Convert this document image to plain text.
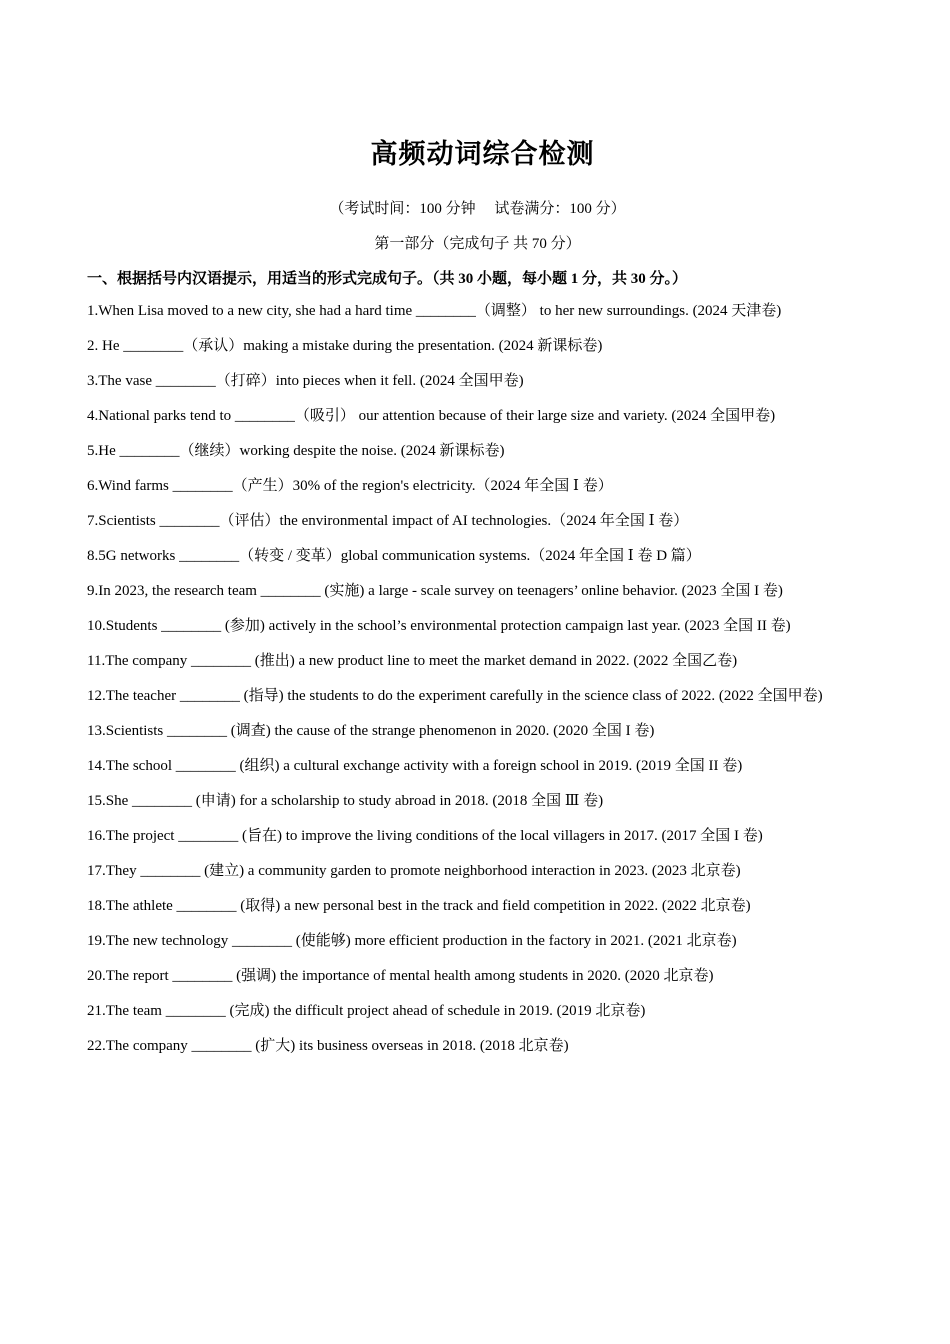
高频动词综合检测
（考试时间：100 分钟　 试卷满分：100 分）
第一部分（完成句子 共 70 分）
一、根据括号内汉语提示，用适当的形式完成句子。（共 30 小题，每小题 1 分，共 30 分。）

1.When Lisa moved to a new city, she had a hard time ________（调整） to her new surroundings. (2024 天津卷)

2. He ________（承认）making a mistake during the presentation. (2024 新课标卷)

3.The vase ________（打碎）into pieces when it fell. (2024 全国甲卷)

4.National parks tend to ________（吸引） our attention because of their large size and variety. (2024 全国甲卷)

5.He ________（继续）working despite the noise. (2024 新课标卷)

6.Wind farms ________（产生）30% of the region's electricity.（2024 年全国 Ⅰ 卷）

7.Scientists ________（评估）the environmental impact of AI technologies.（2024 年全国 Ⅰ 卷）

8.5G networks ________（转变 / 变革）global communication systems.（2024 年全国 Ⅰ 卷 D 篇）

9.In 2023, the research team ________ (实施) a large - scale survey on teenagers’ online behavior. (2023 全国 I 卷)

10.Students ________ (参加) actively in the school’s environmental protection campaign last year. (2023 全国 II 卷)

11.The company ________ (推出) a new product line to meet the market demand in 2022. (2022 全国乙卷)

12.The teacher ________ (指导) the students to do the experiment carefully in the science class of 2022. (2022 全国甲卷)

13.Scientists ________ (调查) the cause of the strange phenomenon in 2020. (2020 全国 I 卷)

14.The school ________ (组织) a cultural exchange activity with a foreign school in 2019. (2019 全国 II 卷)

15.She ________ (申请) for a scholarship to study abroad in 2018. (2018 全国 Ⅲ 卷)

16.The project ________ (旨在) to improve the living conditions of the local villagers in 2017. (2017 全国 I 卷)

17.They ________ (建立) a community garden to promote neighborhood interaction in 2023. (2023 北京卷)

18.The athlete ________ (取得) a new personal best in the track and field competition in 2022. (2022 北京卷)

19.The new technology ________ (使能够) more efficient production in the factory in 2021. (2021 北京卷)

20.The report ________ (强调) the importance of mental health among students in 2020. (2020 北京卷)

21.The team ________ (完成) the difficult project ahead of schedule in 2019. (2019 北京卷)

22.The company ________ (扩大) its business overseas in 2018. (2018 北京卷)
